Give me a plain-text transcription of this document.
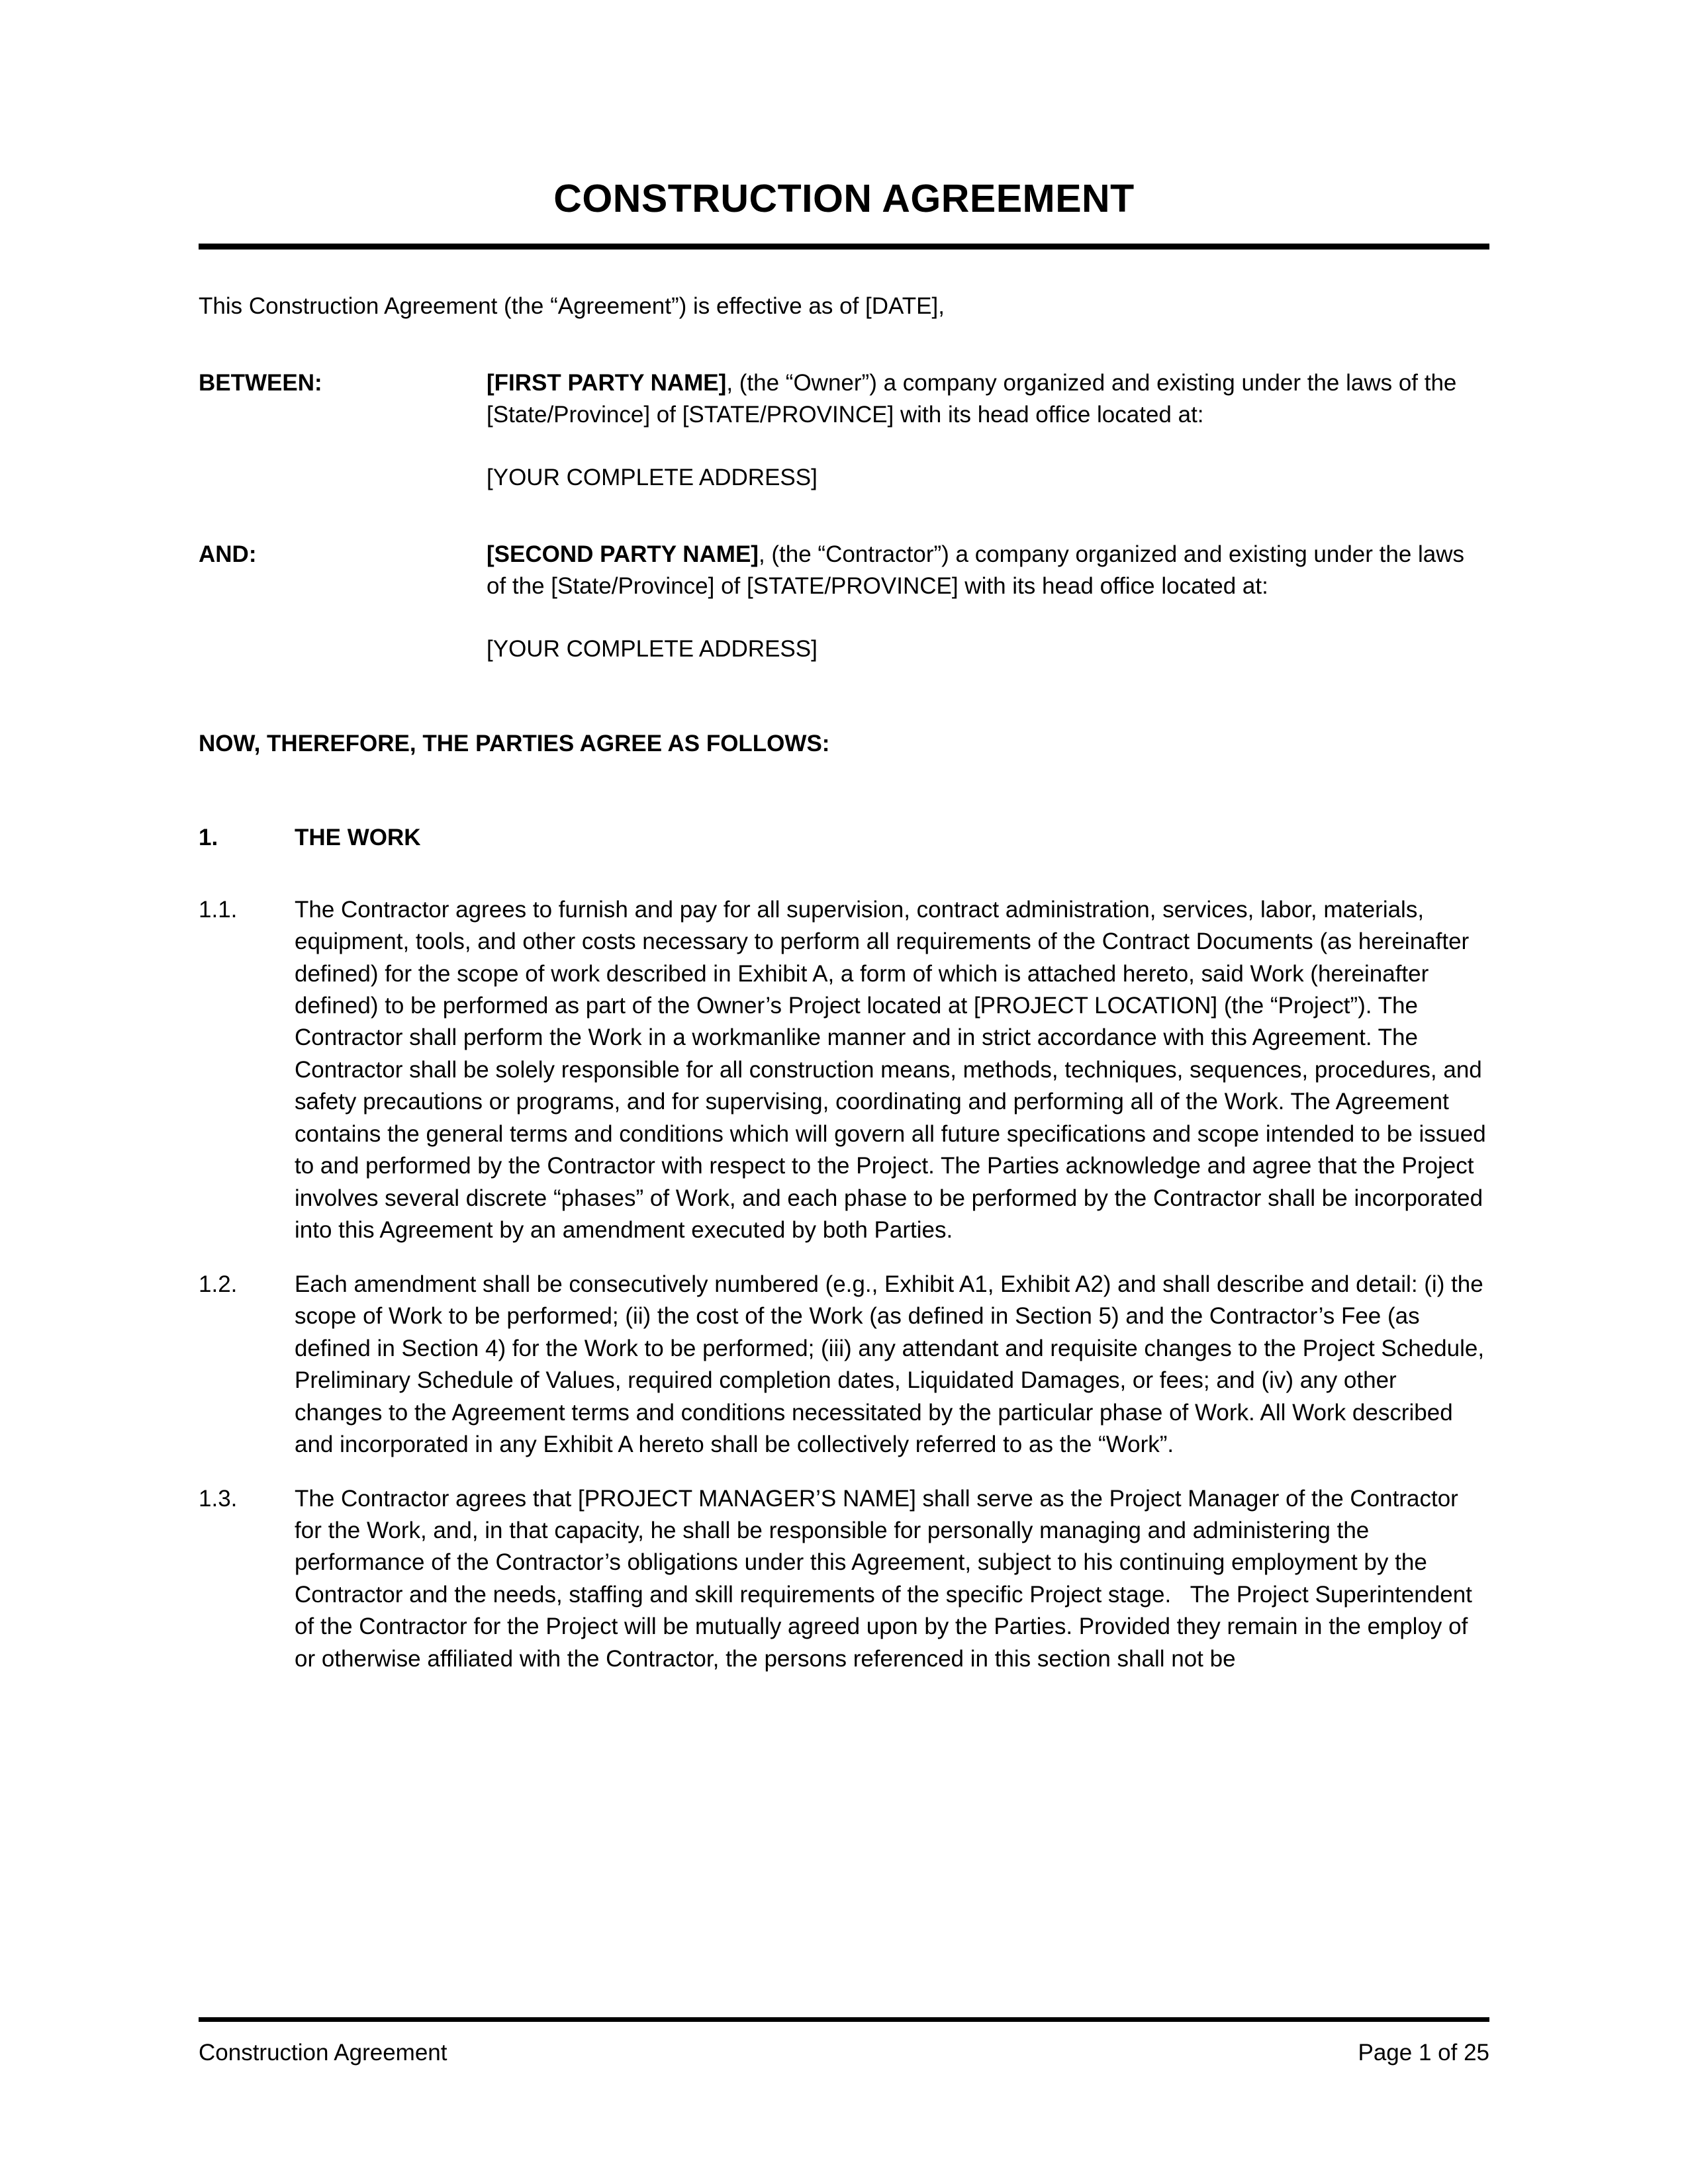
CONSTRUCTION AGREEMENT

This Construction Agreement (the “Agreement”) is effective as of [DATE],

BETWEEN:	[FIRST PARTY NAME], (the “Owner”) a company organized and existing under the laws of the [State/Province] of [STATE/PROVINCE] with its head office located at:
[YOUR COMPLETE ADDRESS]
AND:	[SECOND PARTY NAME], (the “Contractor”) a company organized and existing under the laws of the [State/Province] of [STATE/PROVINCE] with its head office located at:
[YOUR COMPLETE ADDRESS]

NOW, THEREFORE, THE PARTIES AGREE AS FOLLOWS:

1.	THE WORK
1.1.	The Contractor agrees to furnish and pay for all supervision, contract administration, services, labor, materials, equipment, tools, and other costs necessary to perform all requirements of the Contract Documents (as hereinafter defined) for the scope of work described in Exhibit A, a form of which is attached hereto, said Work (hereinafter defined) to be performed as part of the Owner’s Project located at [PROJECT LOCATION] (the “Project”). The Contractor shall perform the Work in a workmanlike manner and in strict accordance with this Agreement. The Contractor shall be solely responsible for all construction means, methods, techniques, sequences, procedures, and safety precautions or programs, and for supervising, coordinating and performing all of the Work. The Agreement contains the general terms and conditions which will govern all future specifications and scope intended to be issued to and performed by the Contractor with respect to the Project. The Parties acknowledge and agree that the Project involves several discrete “phases” of Work, and each phase to be performed by the Contractor shall be incorporated into this Agreement by an amendment executed by both Parties.
1.2.	Each amendment shall be consecutively numbered (e.g., Exhibit A1, Exhibit A2) and shall describe and detail: (i) the scope of Work to be performed; (ii) the cost of the Work (as defined in Section 5) and the Contractor’s Fee (as defined in Section 4) for the Work to be performed; (iii) any attendant and requisite changes to the Project Schedule, Preliminary Schedule of Values, required completion dates, Liquidated Damages, or fees; and (iv) any other changes to the Agreement terms and conditions necessitated by the particular phase of Work. All Work described and incorporated in any Exhibit A hereto shall be collectively referred to as the “Work”.
1.3.	The Contractor agrees that [PROJECT MANAGER’S NAME] shall serve as the Project Manager of the Contractor for the Work, and, in that capacity, he shall be responsible for personally managing and administering the performance of the Contractor’s obligations under this Agreement, subject to his continuing employment by the Contractor and the needs, staffing and skill requirements of the specific Project stage.   The Project Superintendent of the Contractor for the Project will be mutually agreed upon by the Parties. Provided they remain in the employ of or otherwise affiliated with the Contractor, the persons referenced in this section shall not be
Construction Agreement	Page 1 of 25
